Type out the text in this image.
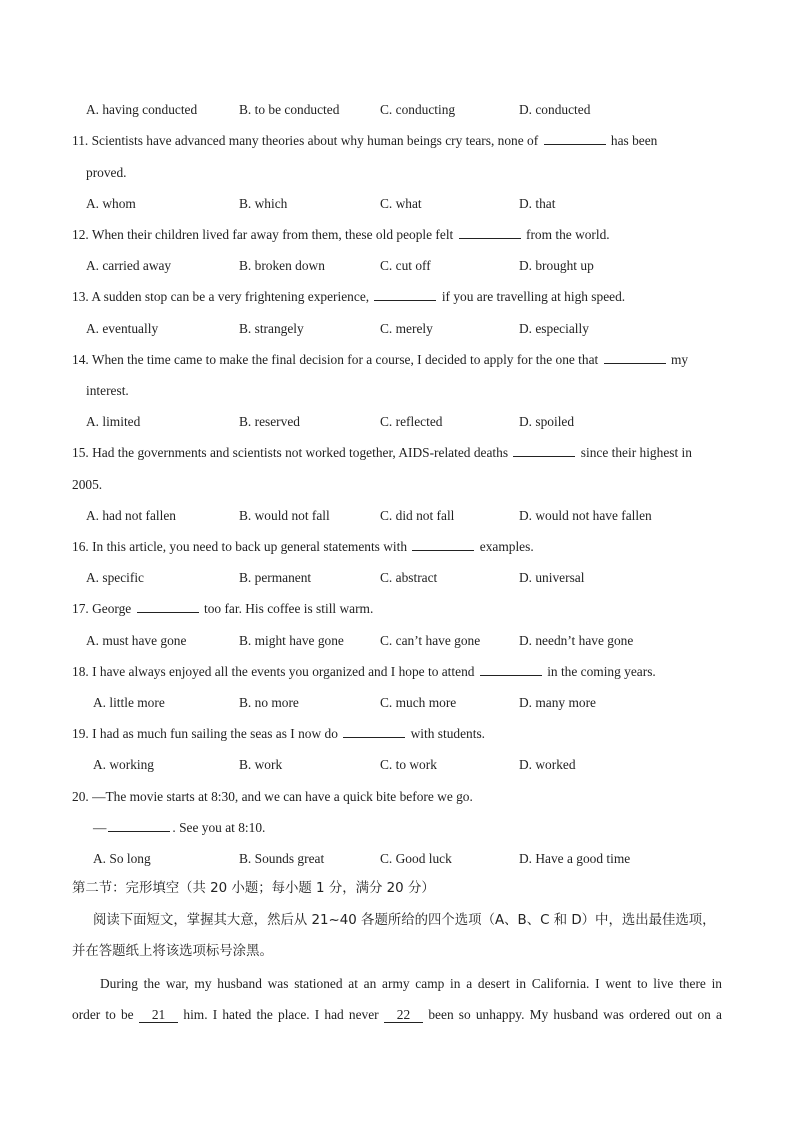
A. having conducted	B. to be conducted	C. conducting	D. conducted
11. Scientists have advanced many theories about why human beings cry tears, none of	has been
proved.
A. whom	B. which	C. what	D. that
12. When their children lived far away from them, these old people felt	from the world.
A. carried away	B. broken down	C. cut off	D. brought up
13. A sudden stop can be a very frightening experience,	if you are travelling at high speed.
A. eventually	B. strangely	C. merely	D. especially
14. When the time came to make the final decision for a course, I decided to apply for the one that	my
interest.
A. limited	B. reserved	C. reflected	D. spoiled
15. Had the governments and scientists not worked together, AIDS-related deaths	since their highest in
2005.
A. had not fallen	B. would not fall	C. did not fall	D. would not have fallen
16. In this article, you need to back up general statements with	examples.
A. specific	B. permanent	C. abstract	D. universal
17. George	too far. His coffee is still warm.
A. must have gone	B. might have gone	C. can’t have gone	D. needn’t have gone
18. I have always enjoyed all the events you organized and I hope to attend	in the coming years.
A. little more	B. no more	C. much more	D. many more
19. I had as much fun sailing the seas as I now do	with students.
A. working	B. work	C. to work	D. worked
20. —The movie starts at 8:30, and we can have a quick bite before we go.
—	. See you at 8:10.
A. So long	B. Sounds great	C. Good luck	D. Have a good time
第二节：完形填空（共 20 小题；每小题 1 分，满分 20 分）
阅读下面短文，掌握其大意，然后从 21~40 各题所给的四个选项（A、B、C 和 D）中，选出最佳选项，
并在答题纸上将该选项标号涂黑。
During the war, my husband was stationed at an army camp in a desert in California. I went to live there in
order to be 21 him. I hated the place. I had never 22 been so unhappy. My husband was ordered out on a
